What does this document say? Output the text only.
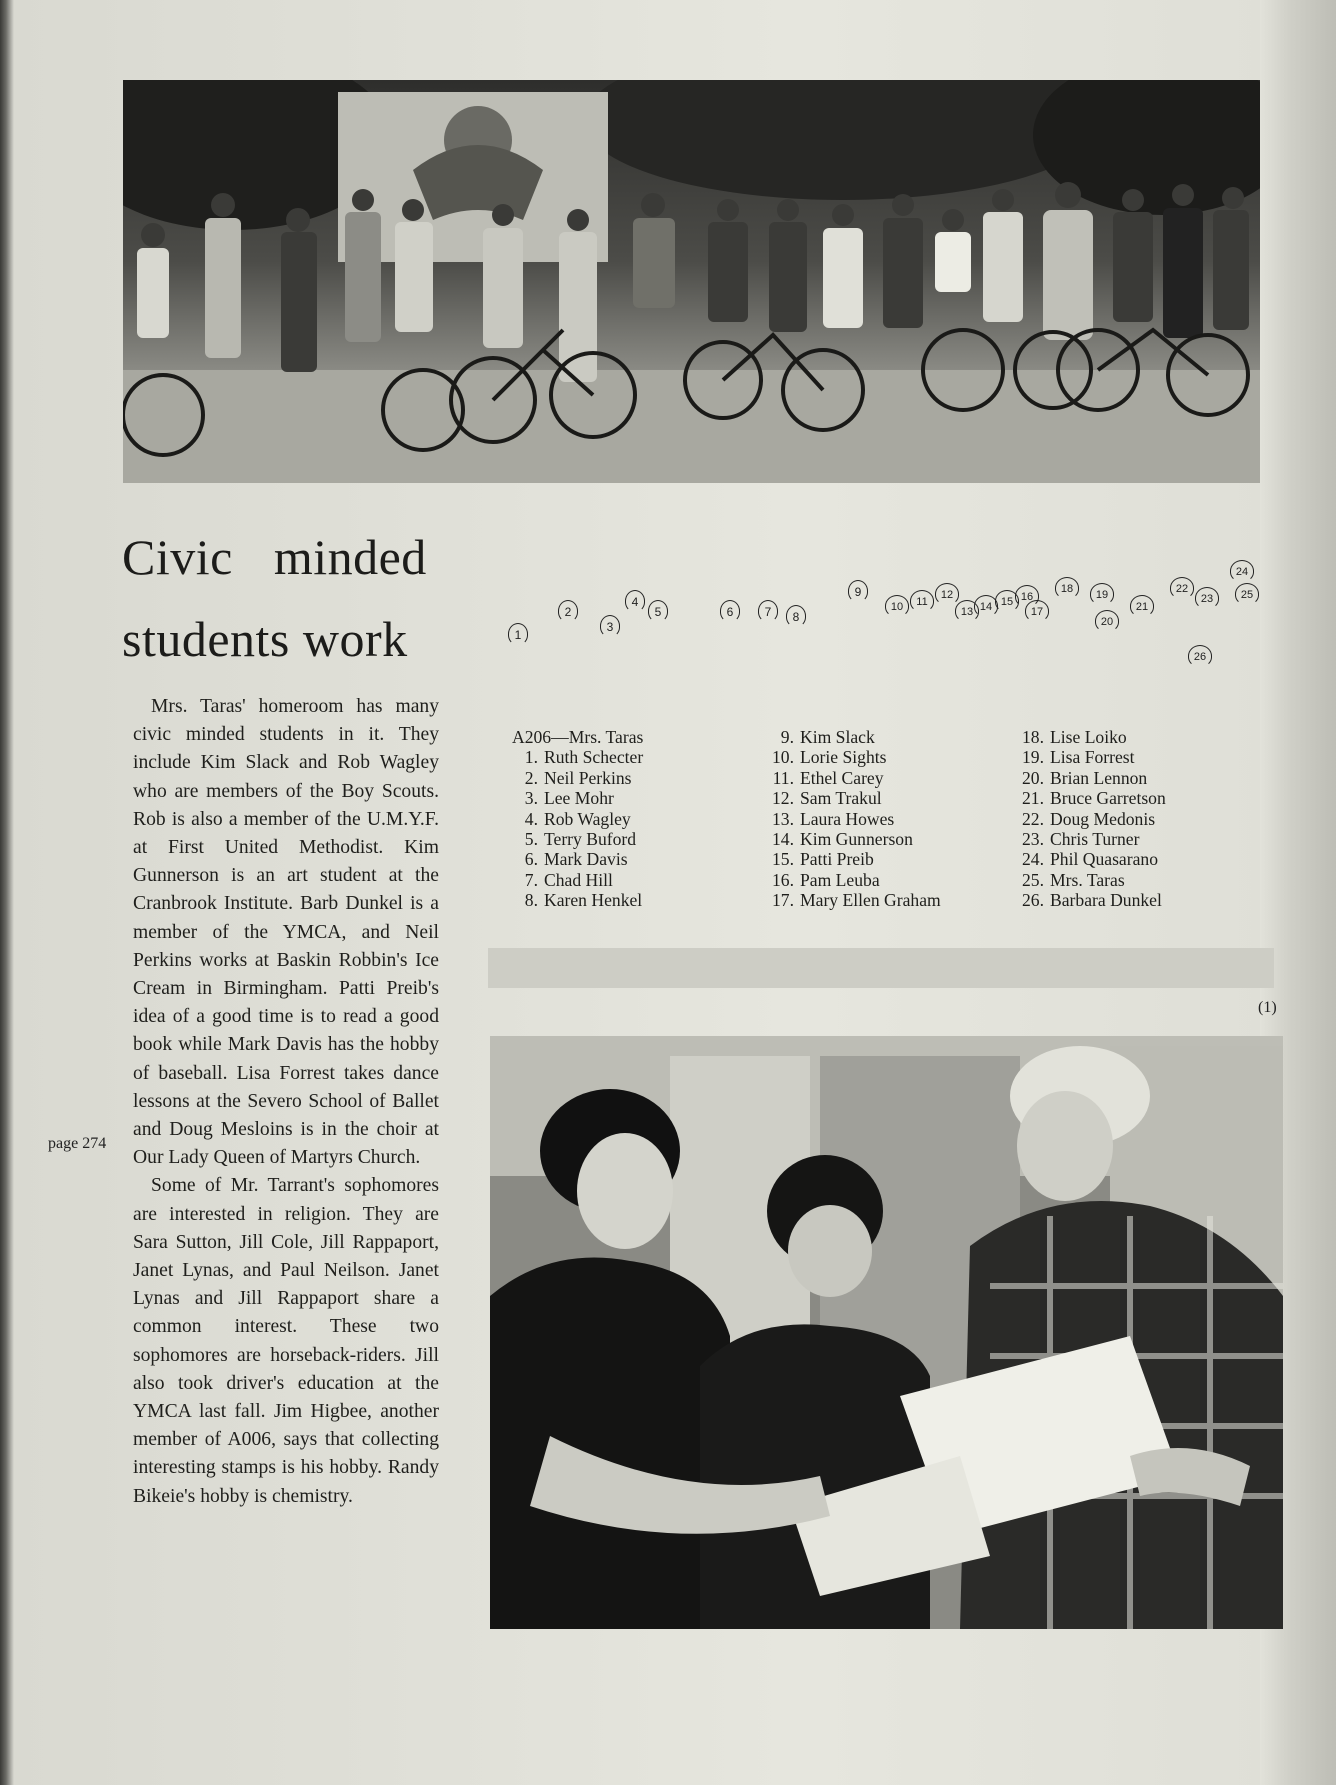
Civic minded
students work	1
2
3
4
5	6	7	8
9
10	11
12
13 14 15 16
17
18	19
20
21
22
23
24
25
26
A206—Mrs. Taras
1. Ruth Schecter
2. Neil Perkins
3. Lee Mohr
4. Rob Wagley
5. Terry Buford
6. Mark Davis
7. Chad Hill
8. Karen Henkel
9. Kim Slack
10. Lorie Sights
11. Ethel Carey
12. Sam Trakul
13. Laura Howes
14. Kim Gunnerson
15. Patti Preib
16. Pam Leuba
17. Mary Ellen Graham
18. Lise Loiko
19. Lisa Forrest
20. Brian Lennon
21. Bruce Garretson
22. Doug Medonis
23. Chris Turner
24. Phil Quasarano
25. Mrs. Taras
26. Barbara Dunkel

Mrs. Taras' homeroom has many civic minded students in it. They include Kim Slack and Rob Wagley who are members of the Boy Scouts. Rob is also a member of the U.M.Y.F. at First United Methodist. Kim Gunnerson is an art student at the Cranbrook Institute. Barb Dunkel is a member of the YMCA, and Neil Perkins works at Baskin Robbin's Ice Cream in Birmingham. Patti Preib's idea of a good time is to read a good book while Mark Davis has the hobby of baseball. Lisa Forrest takes dance lessons at the Severo School of Ballet and Doug Mesloins is in the choir at Our Lady Queen of Martyrs Church.

Some of Mr. Tarrant's sophomores are interested in religion. They are Sara Sutton, Jill Cole, Jill Rappaport, Janet Lynas, and Paul Neilson. Janet Lynas and Jill Rappaport share a common interest. These two sophomores are horseback-riders. Jill also took driver's education at the YMCA last fall. Jim Higbee, another member of A006, says that collecting interesting stamps is his hobby. Randy Bikeie's hobby is chemistry.

page 274
(1)
